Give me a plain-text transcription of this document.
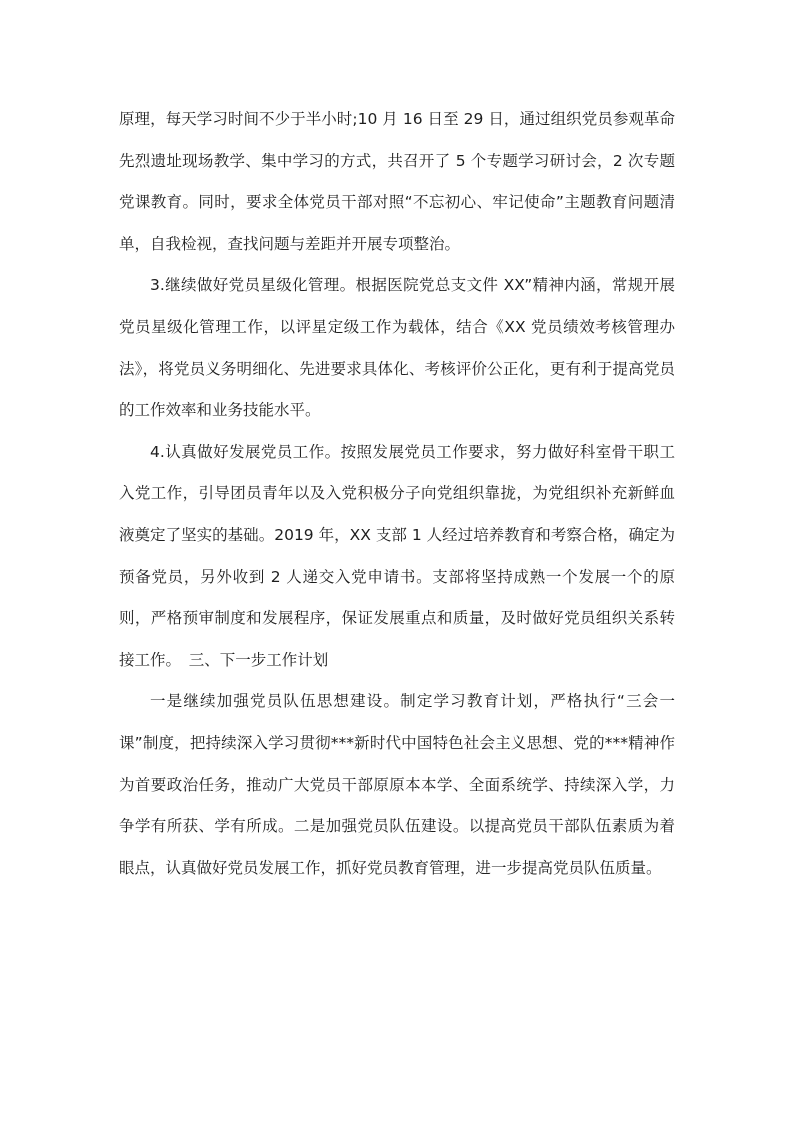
原理，每天学习时间不少于半小时;10 月 16 日至 29 日，通过组织党员参观革命先烈遗址现场教学、集中学习的方式，共召开了 5 个专题学习研讨会，2 次专题党课教育。同时，要求全体党员干部对照“不忘初心、牢记使命”主题教育问题清单，自我检视，查找问题与差距并开展专项整治。

3.继续做好党员星级化管理。根据医院党总支文件 XX”精神内涵，常规开展党员星级化管理工作，以评星定级工作为载体，结合《XX 党员绩效考核管理办法》，将党员义务明细化、先进要求具体化、考核评价公正化，更有利于提高党员的工作效率和业务技能水平。

4.认真做好发展党员工作。按照发展党员工作要求，努力做好科室骨干职工入党工作，引导团员青年以及入党积极分子向党组织靠拢，为党组织补充新鲜血液奠定了坚实的基础。2019 年，XX 支部 1 人经过培养教育和考察合格，确定为预备党员，另外收到 2 人递交入党申请书。支部将坚持成熟一个发展一个的原则，严格预审制度和发展程序，保证发展重点和质量，及时做好党员组织关系转接工作。　三、下一步工作计划

一是继续加强党员队伍思想建设。制定学习教育计划，严格执行“三会一课”制度，把持续深入学习贯彻***新时代中国特色社会主义思想、党的***精神作为首要政治任务，推动广大党员干部原原本本学、全面系统学、持续深入学，力争学有所获、学有所成。二是加强党员队伍建设。以提高党员干部队伍素质为着眼点，认真做好党员发展工作，抓好党员教育管理，进一步提高党员队伍质量。
